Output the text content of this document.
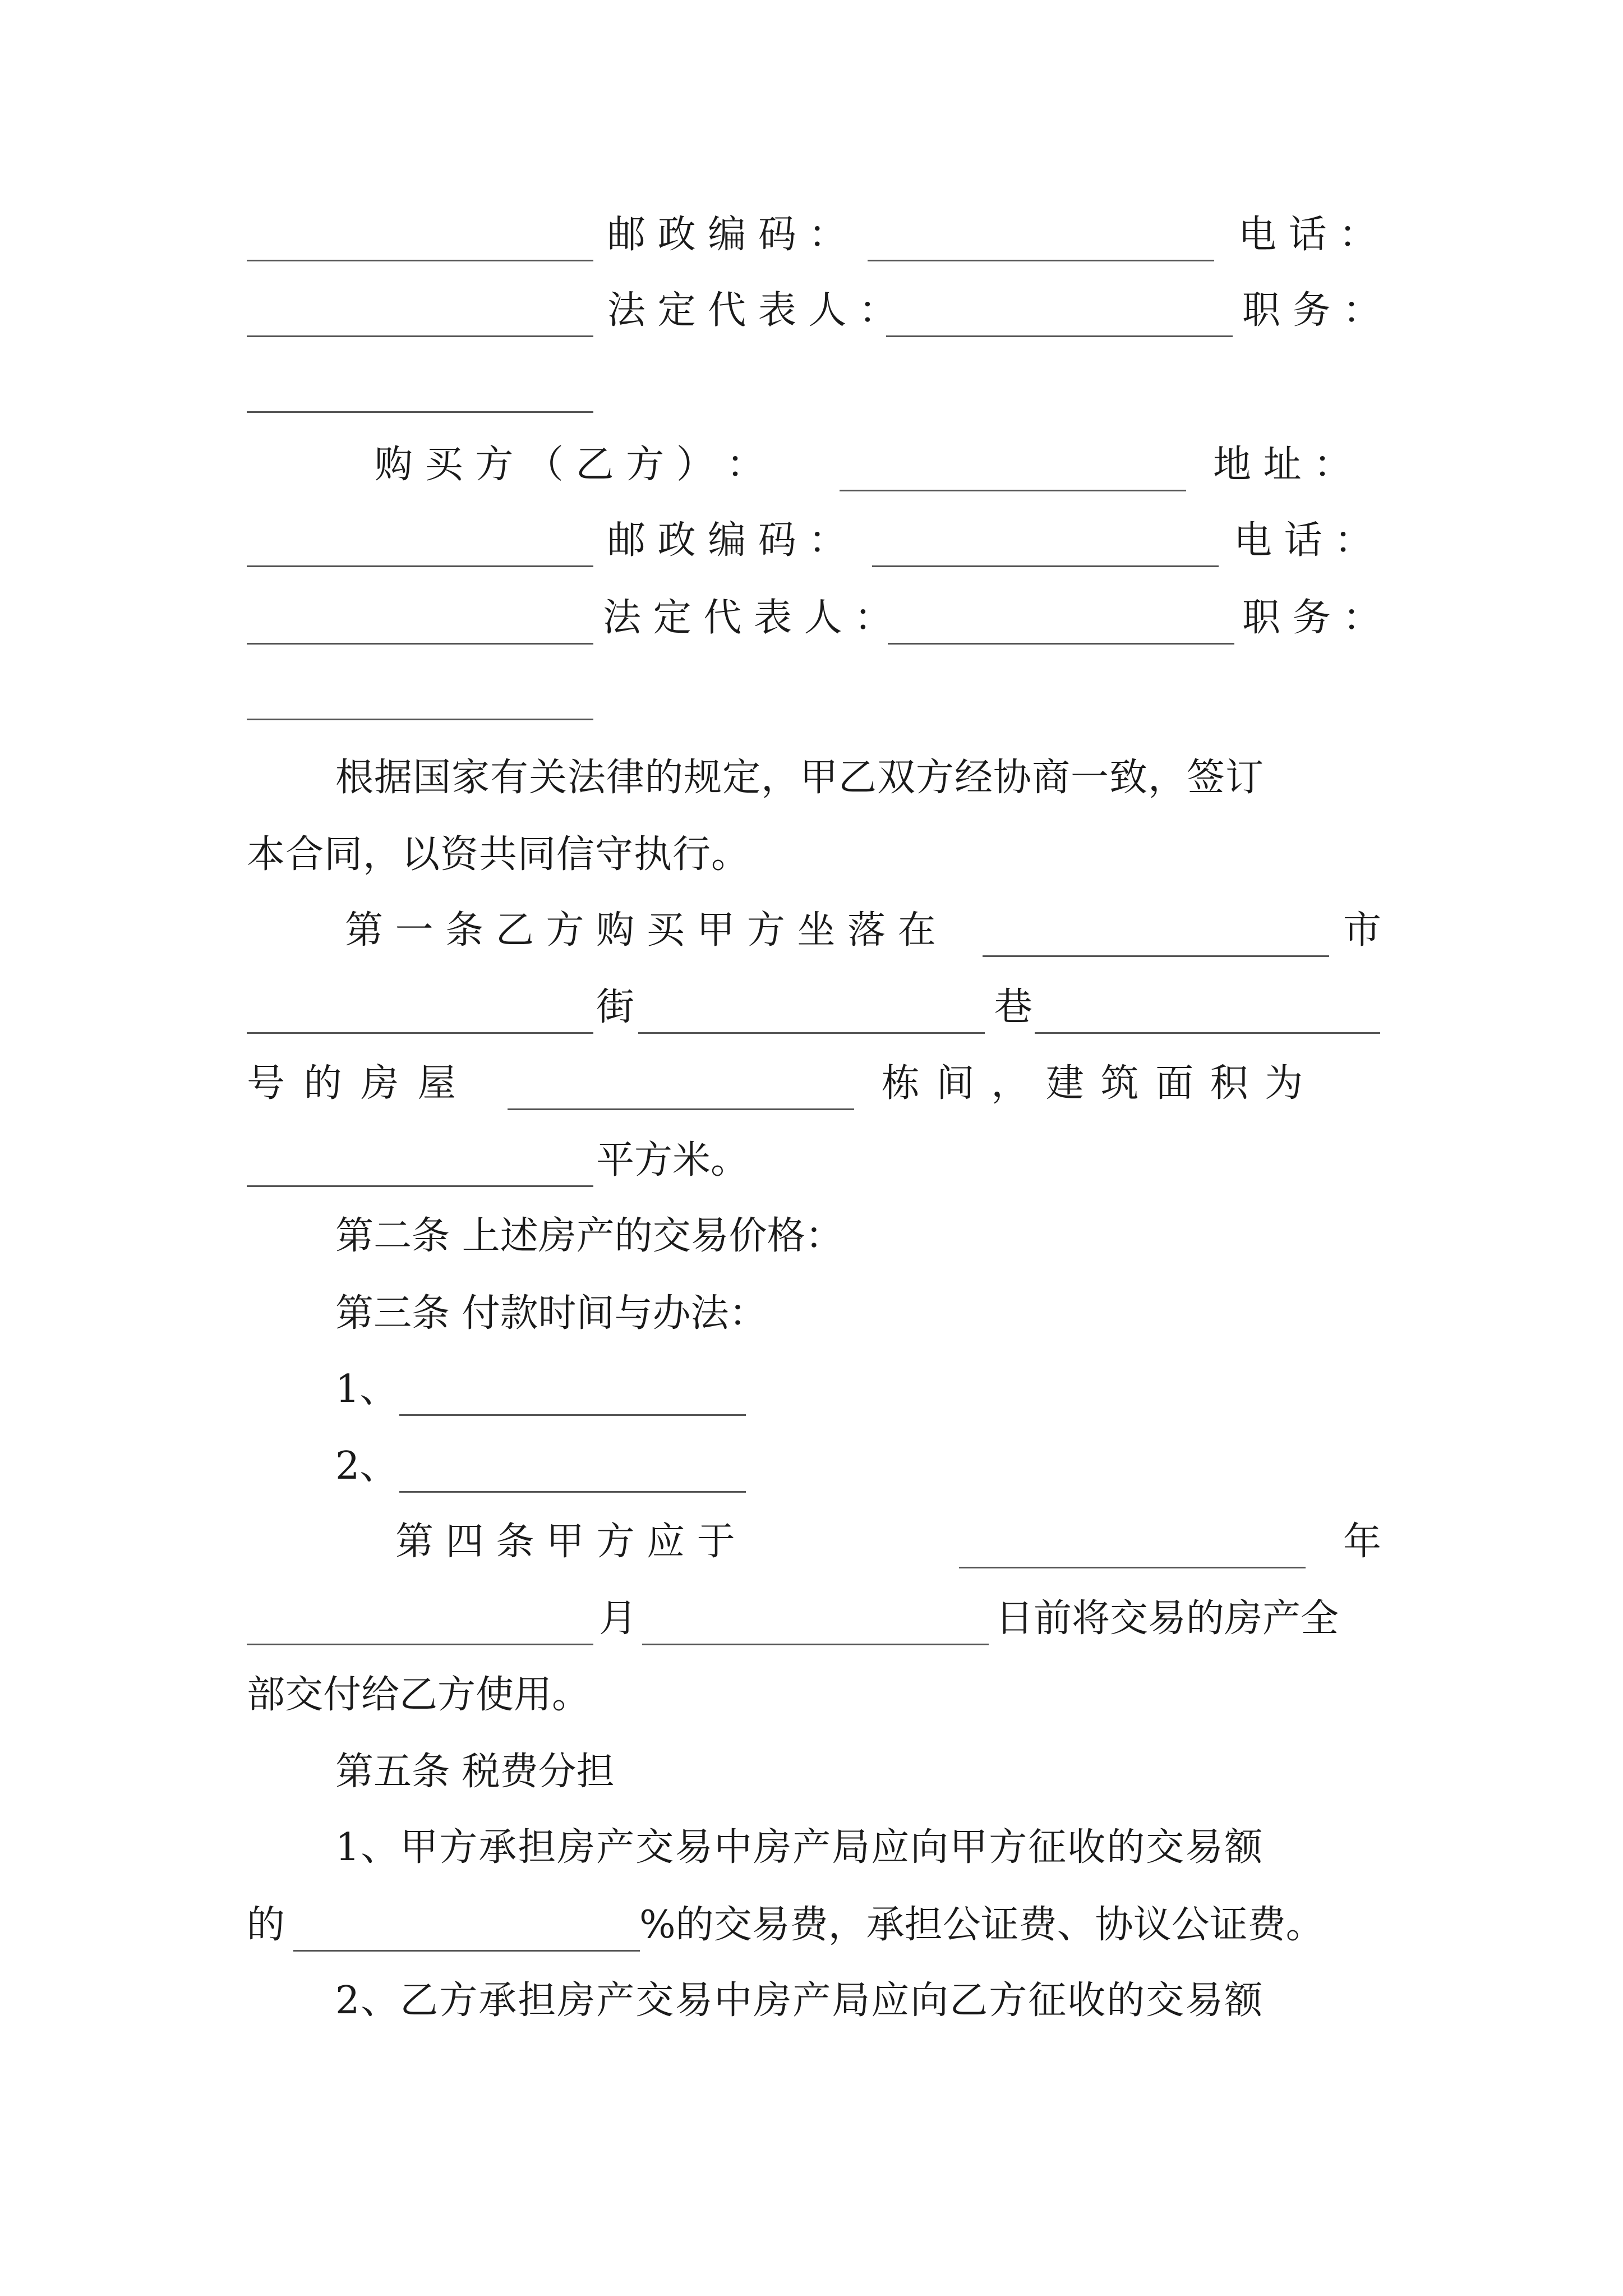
邮 政 编 码 ：	电 话 ：
法 定 代 表 人 ：	职 务 ：
购 买 方 （ 乙 方 ） ：	地 址 ：
邮 政 编 码 ：	电 话 ：
法 定 代 表 人 ：	职 务 ：
根据国家有关法律的规定，甲乙双方经协商一致，签订
本合同，以资共同信守执行。
第 一 条 乙 方 购 买 甲 方 坐 落 在	市
街	巷
号 的 房 屋	栋 间 ， 建 筑 面 积 为
平方米。
第二条 上述房产的交易价格：
第三条 付款时间与办法：
1、
2、
第 四 条 甲 方 应 于	年
月	日前将交易的房产全
部交付给乙方使用。
第五条 税费分担
1、甲方承担房产交易中房产局应向甲方征收的交易额
的	%的交易费，承担公证费、协议公证费。
2、乙方承担房产交易中房产局应向乙方征收的交易额
